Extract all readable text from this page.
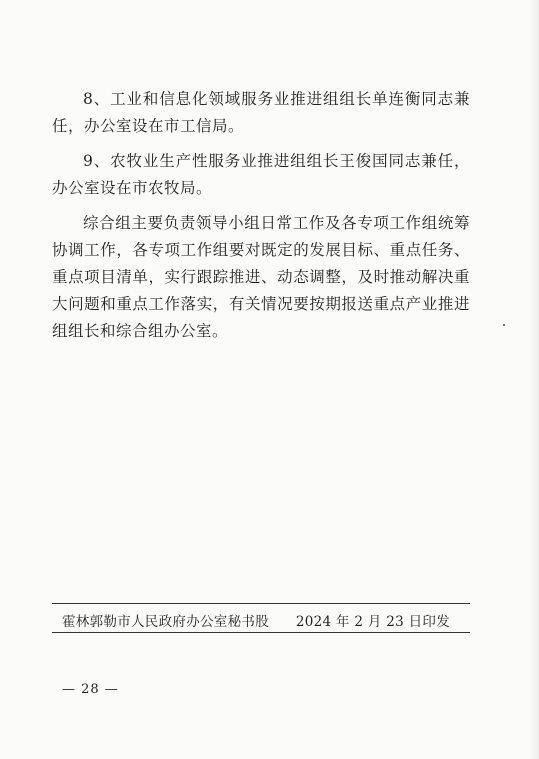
8、工业和信息化领域服务业推进组组长单连衡同志兼任，办公室设在市工信局。

9、农牧业生产性服务业推进组组长王俊国同志兼任，办公室设在市农牧局。

综合组主要负责领导小组日常工作及各专项工作组统筹协调工作，各专项工作组要对既定的发展目标、重点任务、重点项目清单，实行跟踪推进、动态调整，及时推动解决重大问题和重点工作落实，有关情况要按期报送重点产业推进组组长和综合组办公室。

霍林郭勒市人民政府办公室秘书股 2024 年 2 月 23 日印发
— 28 —
